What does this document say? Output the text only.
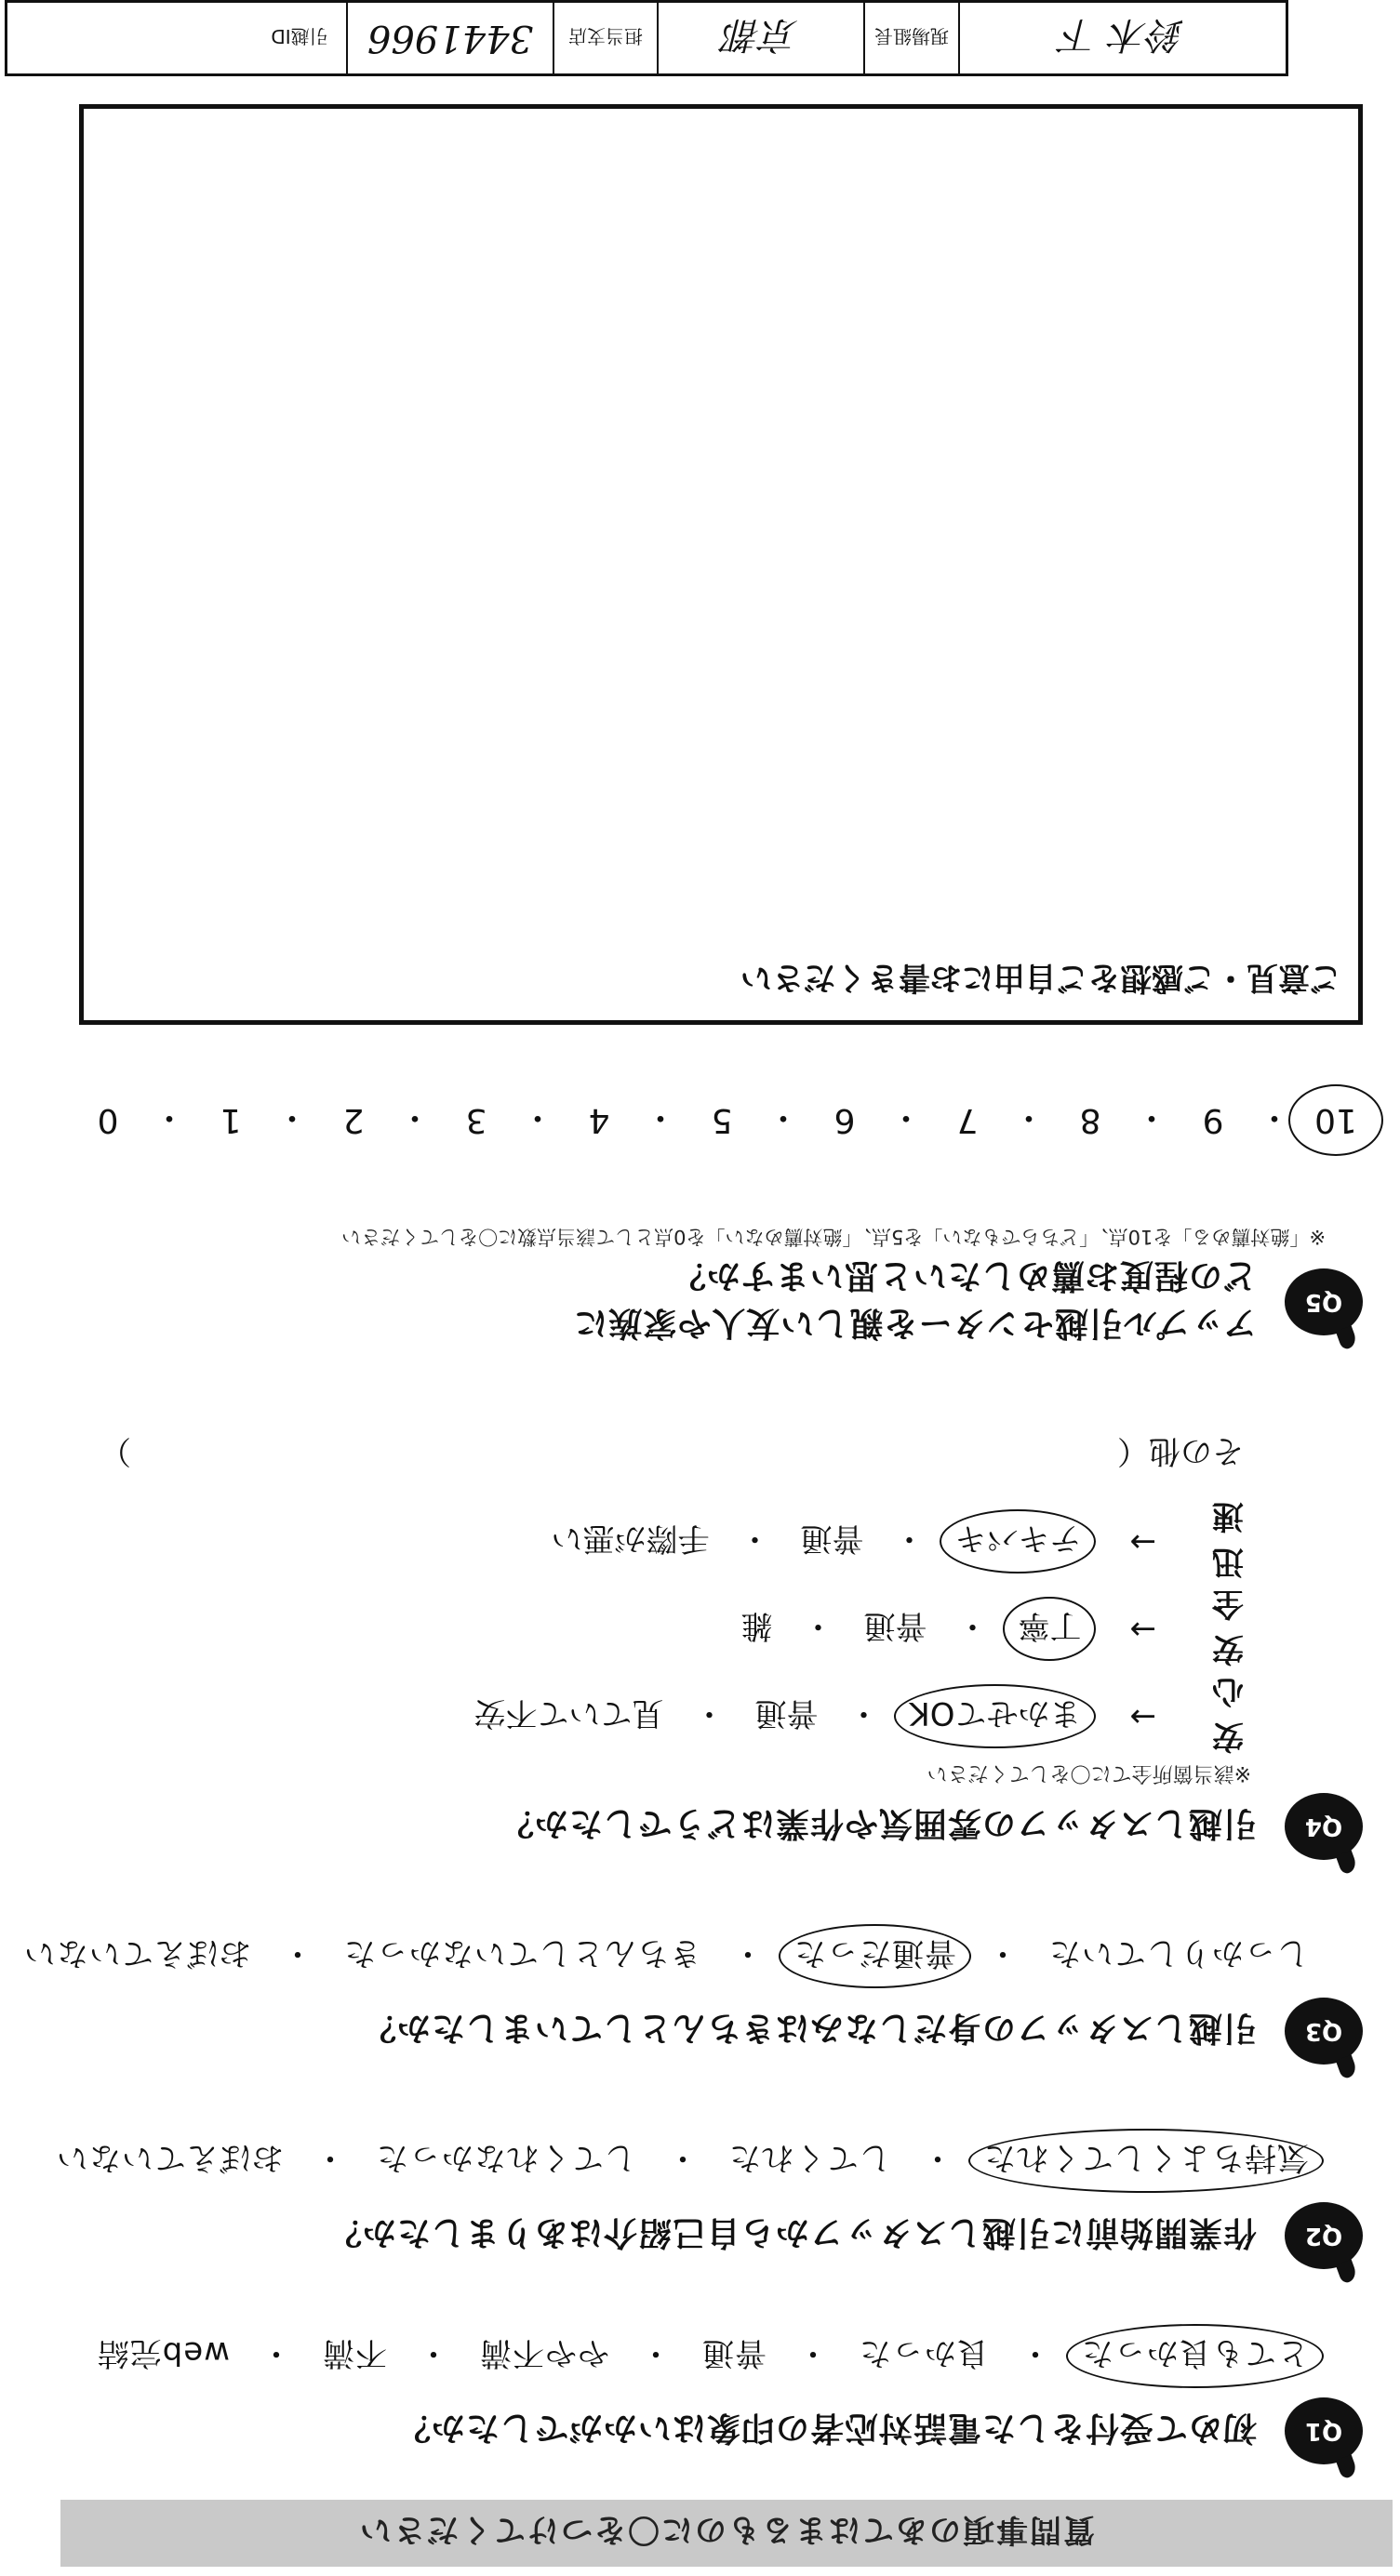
質問事項のあてはまるものに〇をつけてください
Q1
初めて受付をした電話対応者の印象はいかがでしたか？
とても良かった
・
良かった
・
普通
・
やや不満
・
不満
・
web完結
Q2
作業開始前に引越しスタッフから自己紹介はありましたか？
気持ちよくしてくれた
・
してくれた
・
してくれなかった
・
おぼえていない
Q3
引越しスタッフの身だしなみはきちんとしていましたか？
しっかりしていた
・
普通だった
・
きちんとしていなかった
・
おぼえていない
Q4
引越しスタッフの雰囲気や作業はどうでしたか？
※該当箇所全てに〇をしてください
安心
→
まかせてOK
・
普通
・
見ていて不安
安全
→
丁寧
・
普通
・
雑
迅速
→
テキパキ
・
普通
・
手際が悪い
その他（
）
Q5
アップル引越センターを親しい友人や家族に
どの程度お薦めしたいと思いますか？
※「絶対薦める」を10点、「どちらでもない」を5点、「絶対薦めない」を0点として該当点数に〇をしてください
10
・
9
・
8
・
7
・
6
・
5
・
4
・
3
・
2
・
1
・
0
ご意見・ご感想をご自由にお書きください
鈴木 下
現場組長
京都
担当支店
3441966
引越ID
